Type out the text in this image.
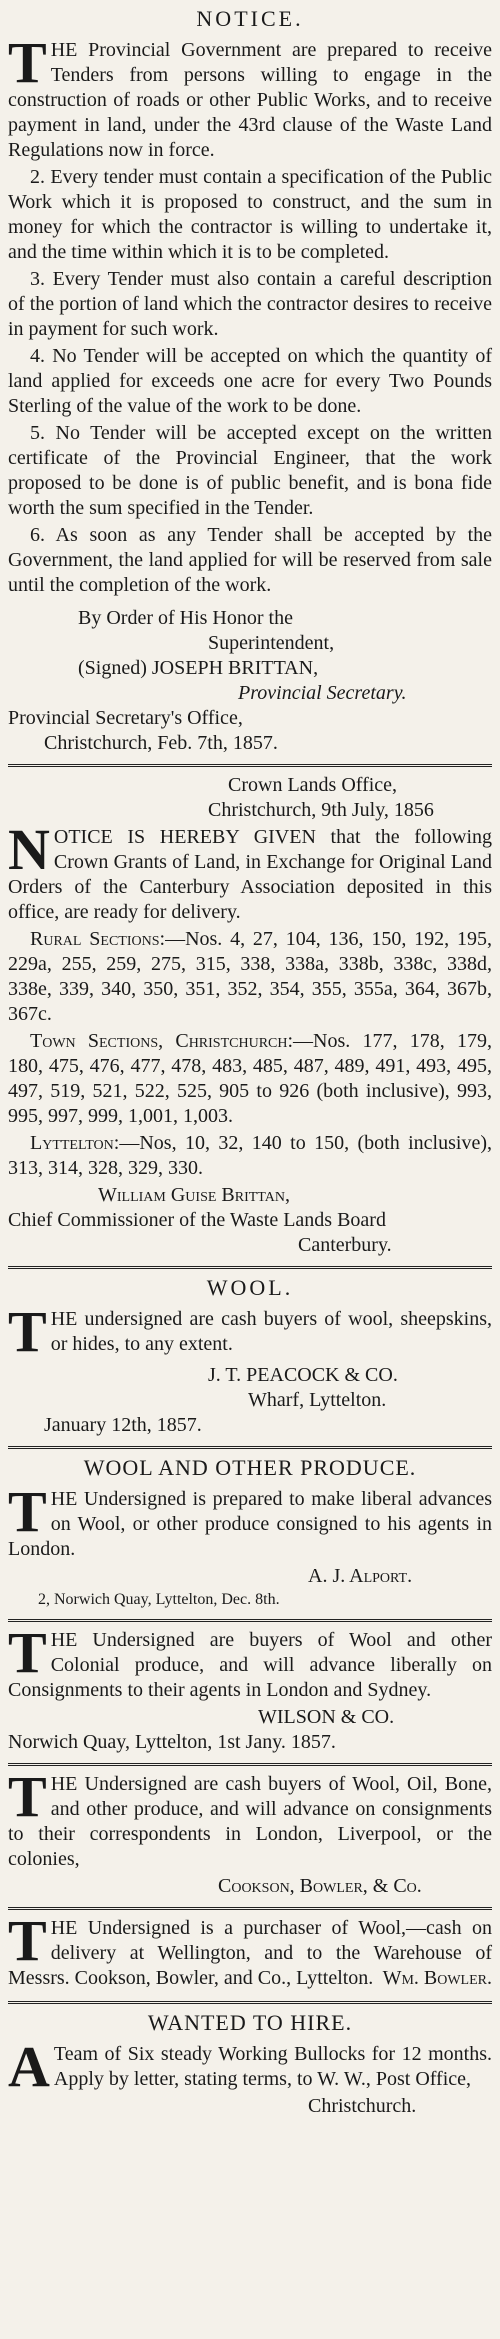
NOTICE.

THE Provincial Government are prepared to receive Tenders from persons willing to engage in the construction of roads or other Public Works, and to receive payment in land, under the 43rd clause of the Waste Land Regulations now in force.

2. Every tender must contain a specification of the Public Work which it is proposed to construct, and the sum in money for which the contractor is willing to undertake it, and the time within which it is to be completed.

3. Every Tender must also contain a careful description of the portion of land which the contractor desires to receive in payment for such work.

4. No Tender will be accepted on which the quantity of land applied for exceeds one acre for every Two Pounds Sterling of the value of the work to be done.

5. No Tender will be accepted except on the written certificate of the Provincial Engineer, that the work proposed to be done is of public benefit, and is bona fide worth the sum specified in the Tender.

6. As soon as any Tender shall be accepted by the Government, the land applied for will be reserved from sale until the completion of the work.

By Order of His Honor the

Superintendent,

(Signed) JOSEPH BRITTAN,

Provincial Secretary.

Provincial Secretary's Office,

Christchurch, Feb. 7th, 1857.

Crown Lands Office,

Christchurch, 9th July, 1856

NOTICE IS HEREBY GIVEN that the following Crown Grants of Land, in Exchange for Original Land Orders of the Canterbury Association deposited in this office, are ready for delivery.

Rural Sections:—Nos. 4, 27, 104, 136, 150, 192, 195, 229a, 255, 259, 275, 315, 338, 338a, 338b, 338c, 338d, 338e, 339, 340, 350, 351, 352, 354, 355, 355a, 364, 367b, 367c.

Town Sections, Christchurch:—Nos. 177, 178, 179, 180, 475, 476, 477, 478, 483, 485, 487, 489, 491, 493, 495, 497, 519, 521, 522, 525, 905 to 926 (both inclusive), 993, 995, 997, 999, 1,001, 1,003.

Lyttelton:—Nos, 10, 32, 140 to 150, (both inclusive), 313, 314, 328, 329, 330.

William Guise Brittan,

Chief Commissioner of the Waste Lands Board

Canterbury.

WOOL.

THE undersigned are cash buyers of wool, sheepskins, or hides, to any extent.

J. T. PEACOCK & CO.

Wharf, Lyttelton.

January 12th, 1857.

WOOL AND OTHER PRODUCE.

THE Undersigned is prepared to make liberal advances on Wool, or other produce consigned to his agents in London.

A. J. Alport.

2, Norwich Quay, Lyttelton, Dec. 8th.

THE Undersigned are buyers of Wool and other Colonial produce, and will advance liberally on Consignments to their agents in London and Sydney.

WILSON & CO.

Norwich Quay, Lyttelton, 1st Jany. 1857.

THE Undersigned are cash buyers of Wool, Oil, Bone, and other produce, and will advance on consignments to their correspondents in London, Liverpool, or the colonies,

Cookson, Bowler, & Co.

THE Undersigned is a purchaser of Wool,—cash on delivery at Wellington, and to the Warehouse of Messrs. Cookson, Bowler, and Co., Lyttelton. Wm. Bowler.

WANTED TO HIRE.

A Team of Six steady Working Bullocks for 12 months. Apply by letter, stating terms, to W. W., Post Office,

Christchurch.
